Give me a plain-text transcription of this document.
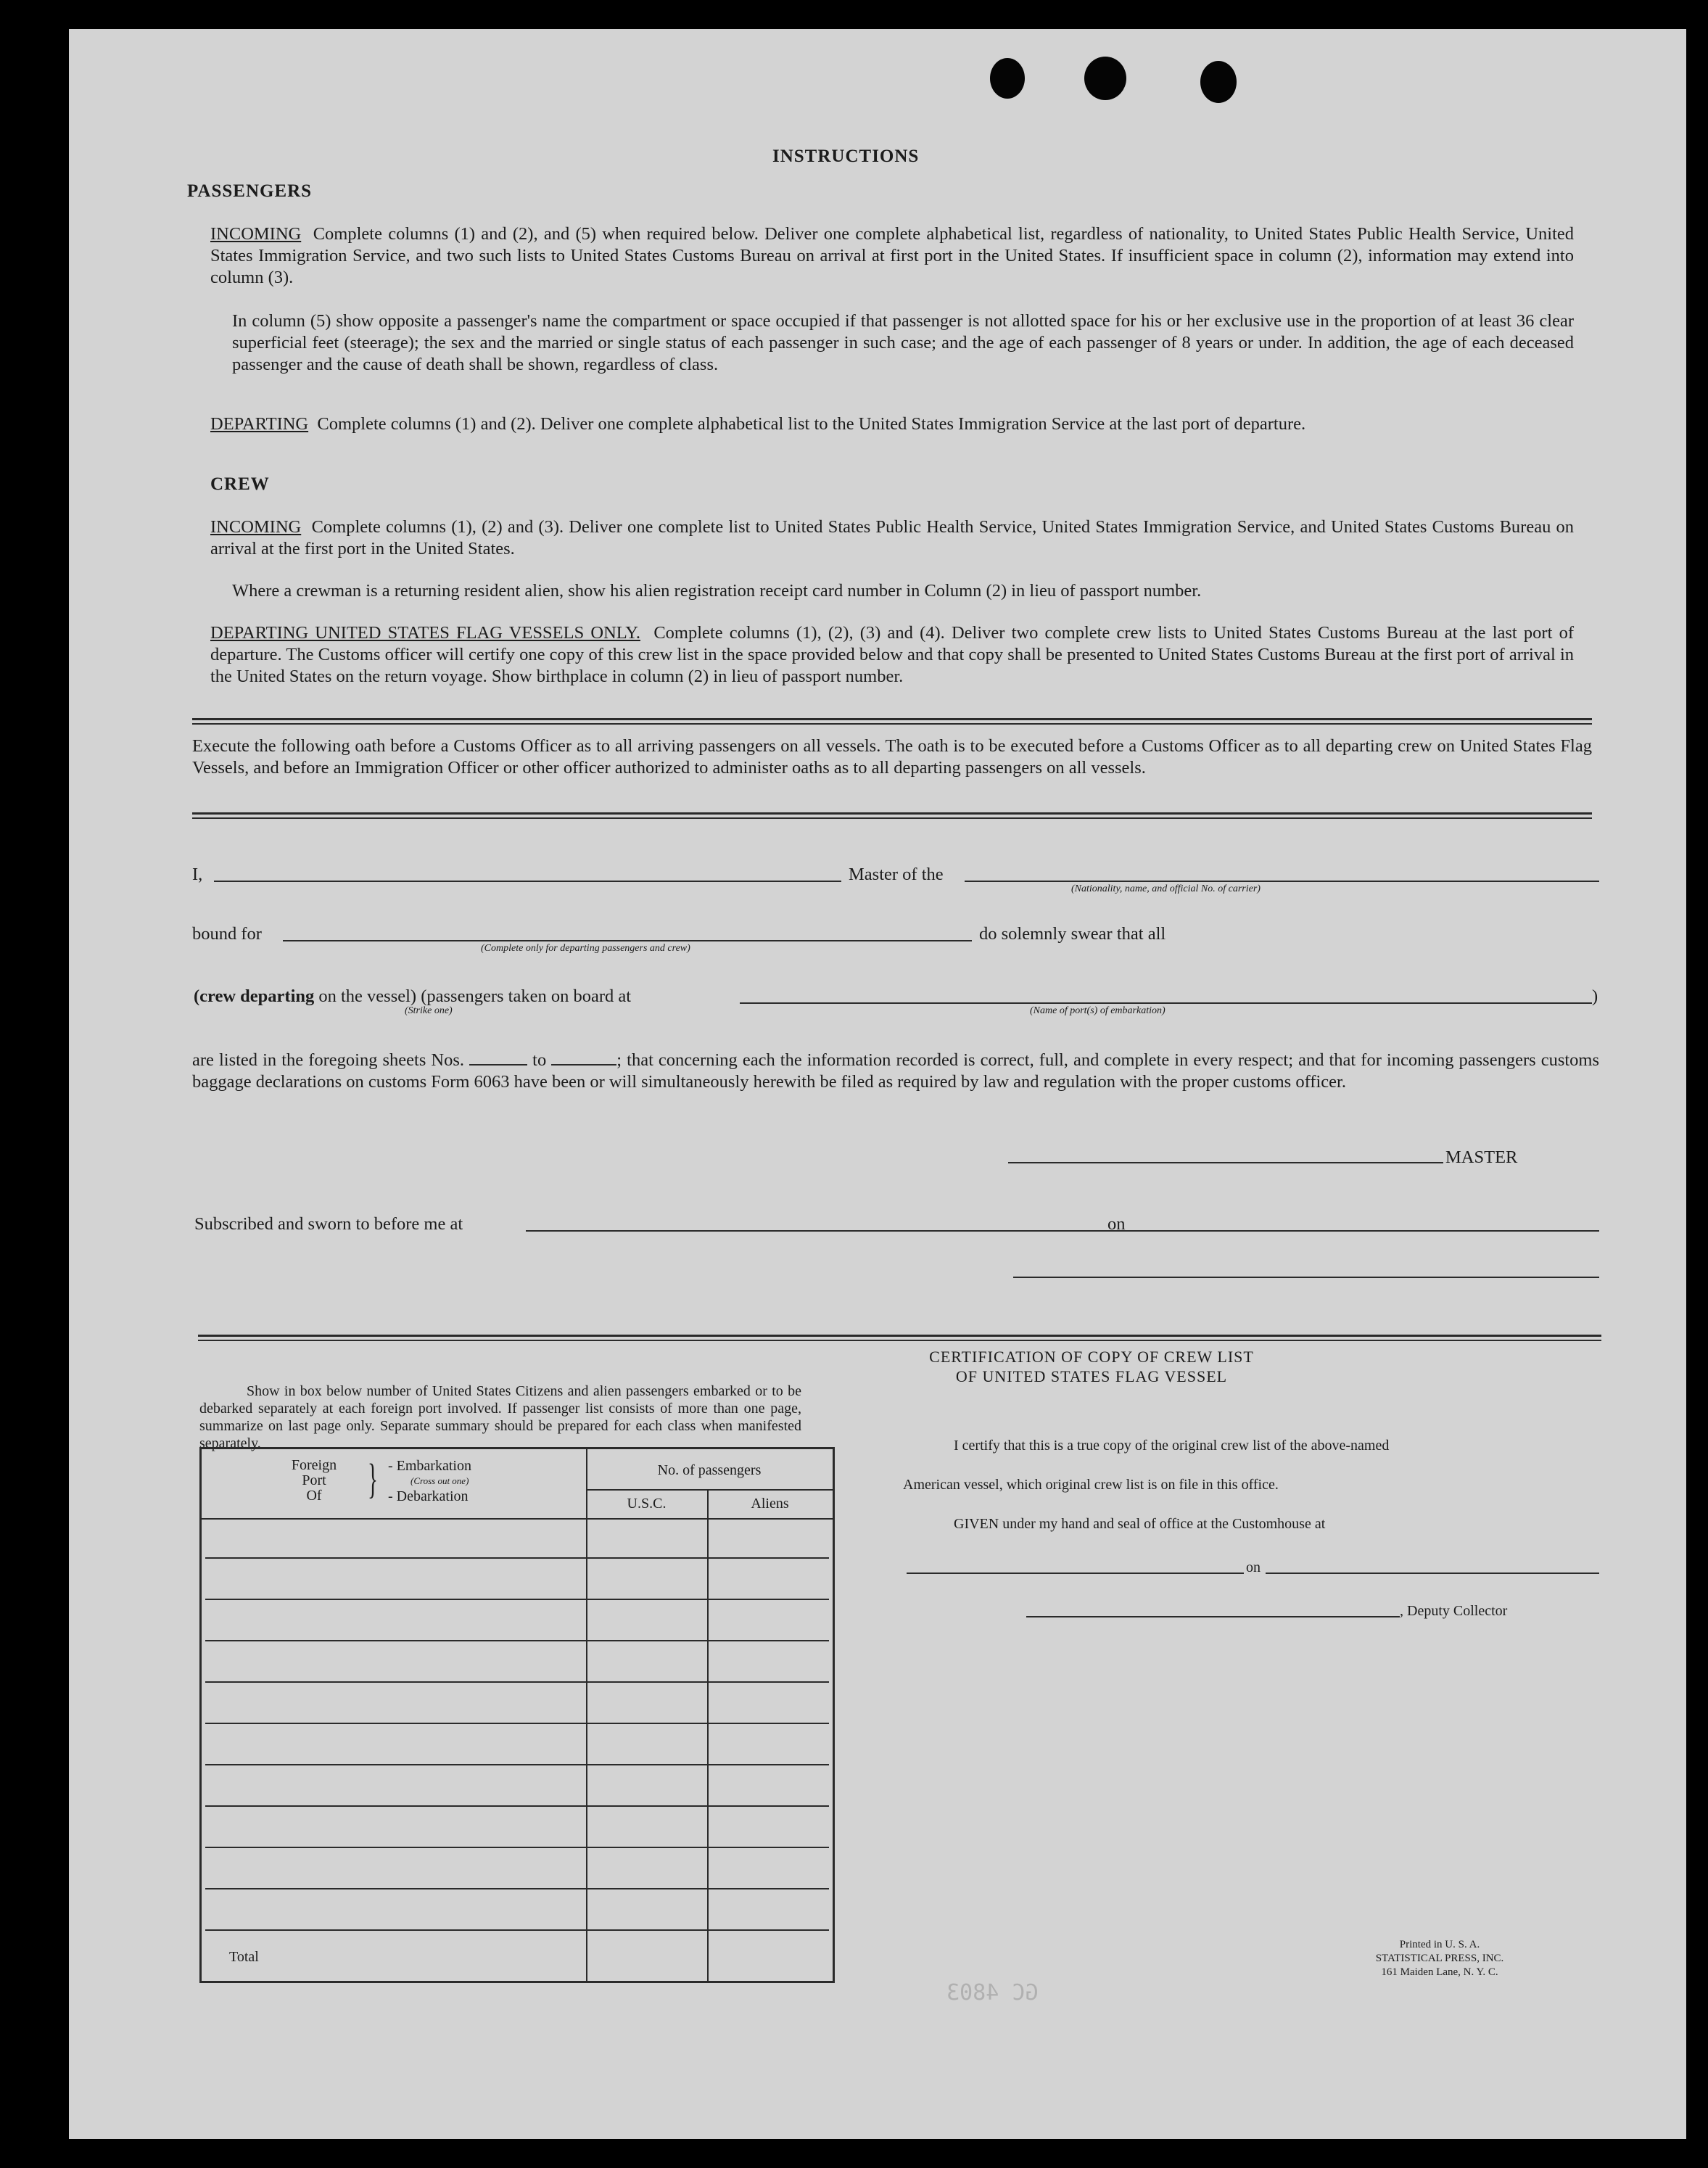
INSTRUCTIONS
PASSENGERS
INCOMING Complete columns (1) and (2), and (5) when required below. Deliver one complete alphabetical list, regardless of nationality, to United States Public Health Service, United States Immigration Service, and two such lists to United States Customs Bureau on arrival at first port in the United States. If insufficient space in column (2), information may extend into column (3).
In column (5) show opposite a passenger's name the compartment or space occupied if that passenger is not allotted space for his or her exclusive use in the proportion of at least 36 clear superficial feet (steerage); the sex and the married or single status of each passenger in such case; and the age of each passenger of 8 years or under. In addition, the age of each deceased passenger and the cause of death shall be shown, regardless of class.
DEPARTING Complete columns (1) and (2). Deliver one complete alphabetical list to the United States Immigration Service at the last port of departure.
CREW
INCOMING Complete columns (1), (2) and (3). Deliver one complete list to United States Public Health Service, United States Immigration Service, and United States Customs Bureau on arrival at the first port in the United States.
Where a crewman is a returning resident alien, show his alien registration receipt card number in Column (2) in lieu of passport number.
DEPARTING UNITED STATES FLAG VESSELS ONLY. Complete columns (1), (2), (3) and (4). Deliver two complete crew lists to United States Customs Bureau at the last port of departure. The Customs officer will certify one copy of this crew list in the space provided below and that copy shall be presented to United States Customs Bureau at the first port of arrival in the United States on the return voyage. Show birthplace in column (2) in lieu of passport number.
Execute the following oath before a Customs Officer as to all arriving passengers on all vessels. The oath is to be executed before a Customs Officer as to all departing crew on United States Flag Vessels, and before an Immigration Officer or other officer authorized to administer oaths as to all departing passengers on all vessels.
I,	Master of the
(Nationality, name, and official No. of carrier)
bound for
(Complete only for departing passengers and crew)
do solemnly swear that all
(crew departing on the vessel) (passengers taken on board at	)
(Strike one)	(Name of port(s) of embarkation)
are listed in the foregoing sheets Nos.	to	; that concerning each the information recorded is correct, full, and complete in every respect; and that for incoming passengers customs baggage declarations on customs Form 6063 have been or will simultaneously herewith be filed as required by law and regulation with the proper customs officer.
MASTER
Subscribed and sworn to before me at	on
Show in box below number of United States Citizens and alien passengers embarked or to be debarked separately at each foreign port involved. If passenger list consists of more than one page, summarize on last page only. Separate summary should be prepared for each class when manifested separately.
Foreign
Port
Of	} - Embarkation
(Cross out one)
- Debarkation
No. of passengers
U.S.C.	Aliens
Total
CERTIFICATION OF COPY OF CREW LIST
OF UNITED STATES FLAG VESSEL
I certify that this is a true copy of the original crew list of the above-named
American vessel, which original crew list is on file in this office.
GIVEN under my hand and seal of office at the Customhouse at
on
, Deputy Collector
Printed in U. S. A.
STATISTICAL PRESS, INC.
161 Maiden Lane, N. Y. C.
GC 4803
